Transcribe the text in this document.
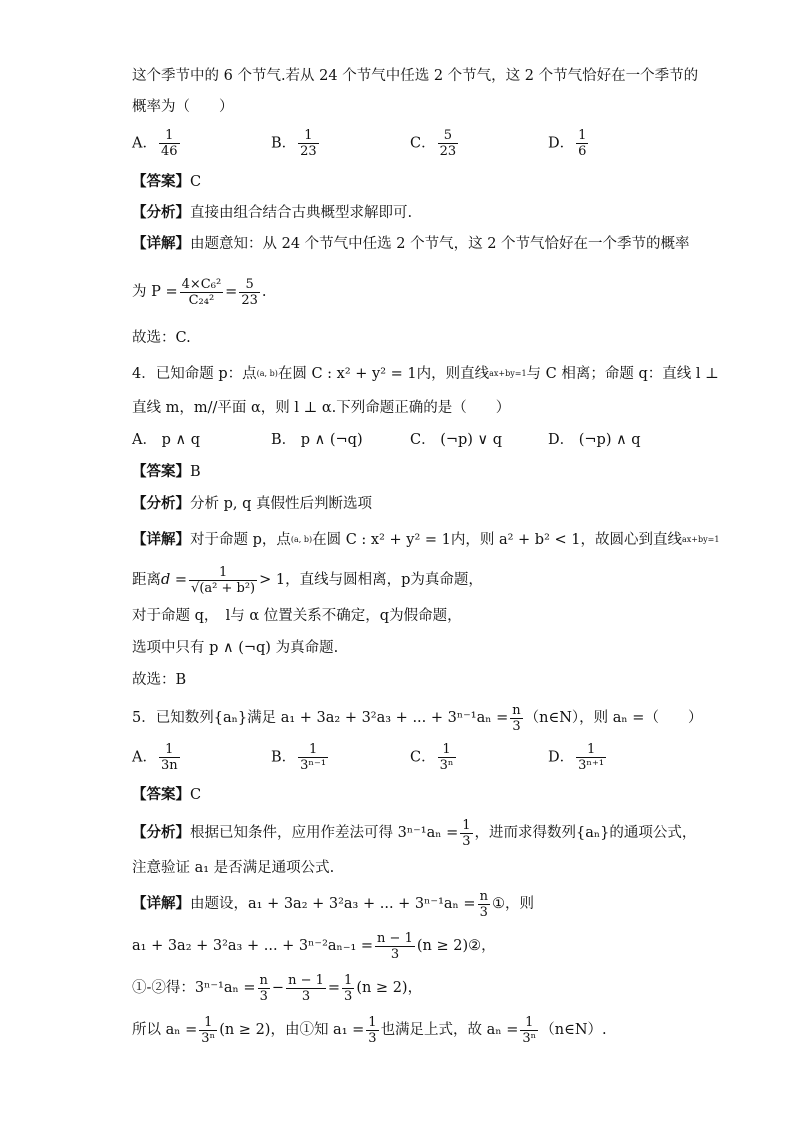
这个季节中的 6 个节气.若从 24 个节气中任选 2 个节气，这 2 个节气恰好在一个季节的
概率为（　　）
A． $\frac{1}{46}$	B． $\frac{1}{23}$	C． $\frac{5}{23}$	D． $\frac{1}{6}$
【答案】C
【分析】直接由组合结合古典概型求解即可.
【详解】由题意知：从 24 个节气中任选 2 个节气，这 2 个节气恰好在一个季节的概率
为 $P = \frac{\text{4×C₆²}}{\text{C₂₄²}} = \frac{5}{23}$ .
故选：C.
4．已知命题 p：点(a, b)在圆 C : x² + y² = 1内，则直线ax+by=1与 C 相离；命题 q：直线 l ⊥
直线 m，m//平面 α，则 l ⊥ α.下列命题正确的是（　　）
A． p ∧ q	B． p ∧ (¬q)	C． (¬p) ∨ q	D． (¬p) ∧ q
【答案】B
【分析】分析 p, q 真假性后判断选项
【详解】对于命题 p，点(a, b)在圆 C : x² + y² = 1内，则 a² + b² < 1，故圆心到直线ax+by=1
距离$d = \frac{1}{\text{√(a² + b²)}} > 1$，直线与圆相离，p为真命题，
对于命题 q，　l与 α 位置关系不确定，q为假命题，
选项中只有 p ∧ (¬q) 为真命题.
故选：B
5．已知数列{aₙ}满足 a₁ + 3a₂ + 3²a₃ + ... + $3^{n-1}a_n = \frac{n}{3}$ （n∈N），则 aₙ =（　　）
A． $\frac{1}{3n}$	B． $\frac{1}{\text{3ⁿ⁻¹}}$	C． $\frac{1}{\text{3ⁿ}}$	D． $\frac{1}{\text{3ⁿ⁺¹}}$
【答案】C
【分析】根据已知条件，应用作差法可得 $3^{n-1}a_n = \frac{1}{3}$ ，进而求得数列{aₙ}的通项公式，
注意验证 a₁ 是否满足通项公式.
【详解】由题设，a₁ + 3a₂ + 3²a₃ + ... + $3^{n-1}a_n = \frac{n}{3}$ ①，则
a₁ + 3a₂ + 3²a₃ + ... + $3^{n-2}a_{n-1} = \frac{n - 1}{3} (n$ ≥ 2)②，
①-②得：$3^{n-1}a_n = \frac{n}{3} - \frac{n - 1}{3} = \frac{1}{3} (n \ge 2)$，
所以 $a_n = \frac{1}{\text{3ⁿ}} (n \ge 2)$，由①知 $a_1 = \frac{1}{3}$ 也满足上式，故 $a_n = \frac{1}{\text{3ⁿ}}$ （n∈N）.
